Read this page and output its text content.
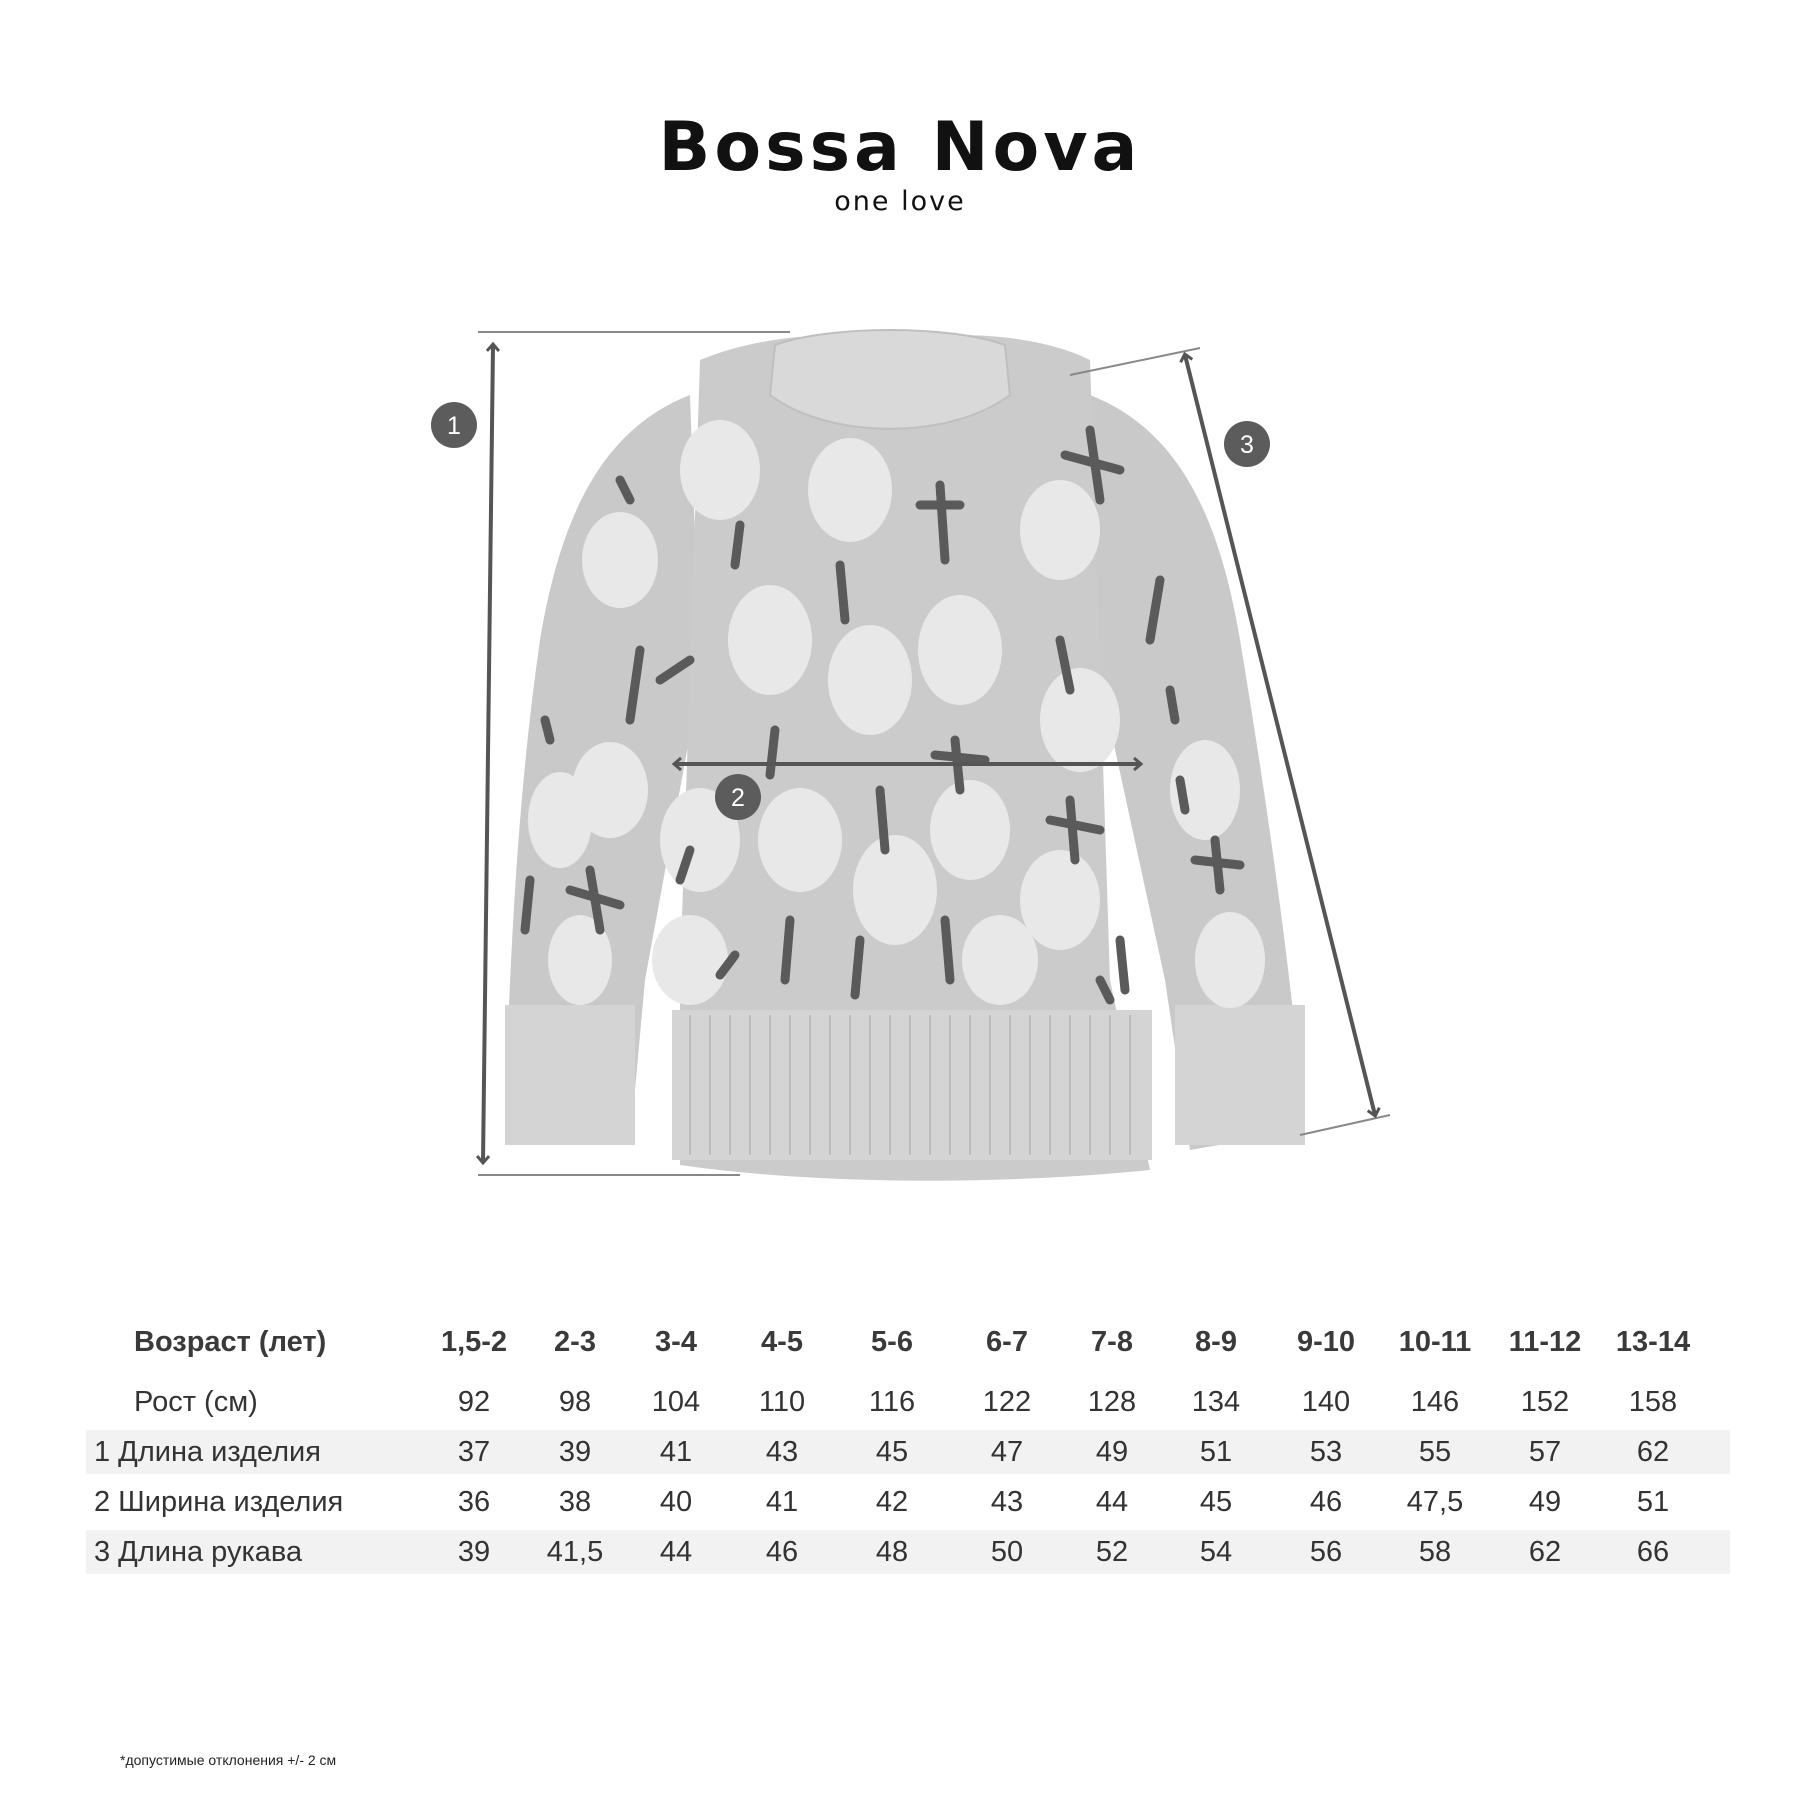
Bossa Nova
one love
1
2
3
Возраст (лет)	1,5-2	2-3	3-4	4-5	5-6	6-7	7-8	8-9	9-10	10-11	11-12	13-14
Рост (см)	92	98	104	110	116	122	128	134	140	146	152	158
1 Длина изделия	37	39	41	43	45	47	49	51	53	55	57	62
2 Ширина изделия	36	38	40	41	42	43	44	45	46	47,5	49	51
3 Длина рукава	39	41,5	44	46	48	50	52	54	56	58	62	66
*допустимые отклонения +/- 2 см
